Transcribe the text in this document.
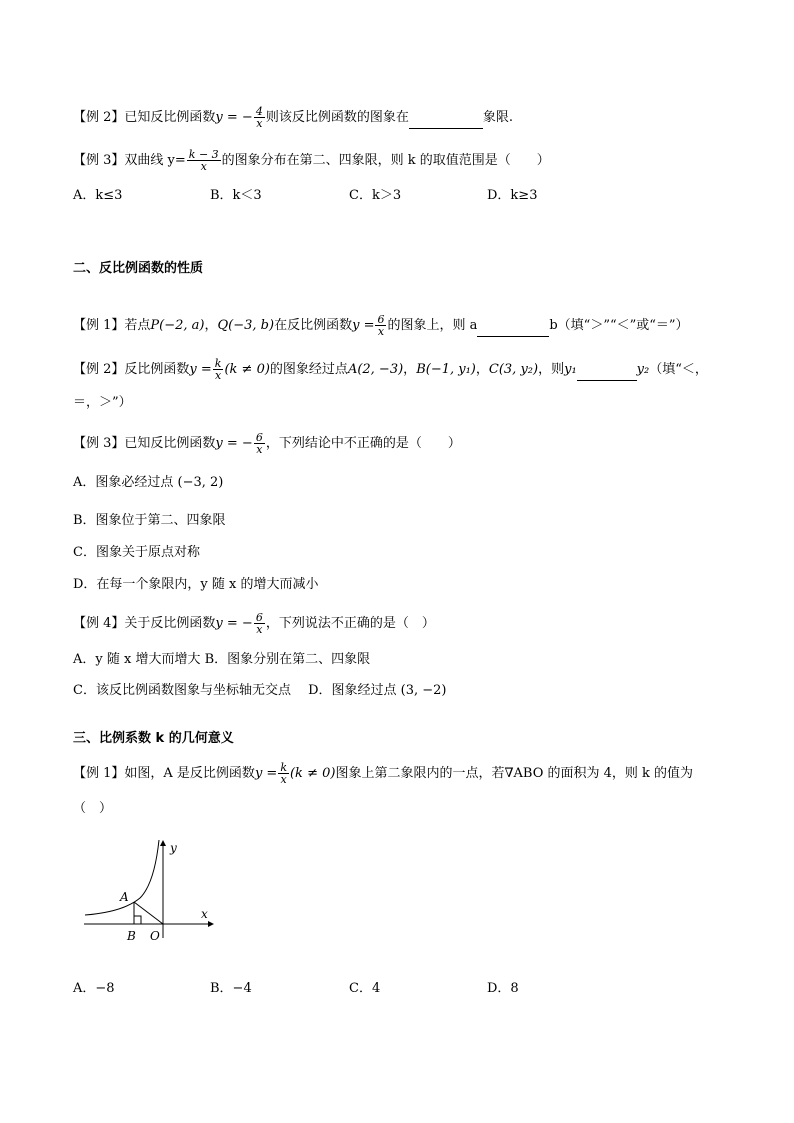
【例 2】已知反比例函数y = − $\frac{4}{x}$ 则该反比例函数的图象在	象限.
【例 3】双曲线 $y= \frac{k - 3}{x}$ 的图象分布在第二、四象限，则 k 的取值范围是（　　）
A．k≤3	B．k＜3	C．k＞3	D．k≥3
二、反比例函数的性质
【例 1】若点P(−2, a)，Q(−3, b)在反比例函数$y = \frac{6}{x}$ 的图象上，则 a	b（填“＞”“＜”或“＝”）
【例 2】反比例函数$y = \frac{k}{x} (k \ne 0)$的图象经过点A(2, −3)，B(−1, y₁)，C(3, y₂)，则y₁	y₂（填“＜，
＝，＞”）
【例 3】已知反比例函数y = − $\frac{6}{x}$ ，下列结论中不正确的是（　　）
A．图象必经过点 (−3, 2)
B．图象位于第二、四象限
C．图象关于原点对称
D．在每一个象限内，y 随 x 的增大而减小
【例 4】关于反比例函数y = − $\frac{6}{x}$ ，下列说法不正确的是（　）
A．y 随 x 增大而增大 B．图象分别在第二、四象限
C．该反比例函数图象与坐标轴无交点　 D．图象经过点 (3, −2)
三、比例系数 k 的几何意义
【例 1】如图，A 是反比例函数$y = \frac{k}{x} (k \ne 0)$图象上第二象限内的一点，若∇ABO 的面积为 4，则 k 的值为
（　）
y
x
A
B O
A．−8	B．−4	C．4	D．8
